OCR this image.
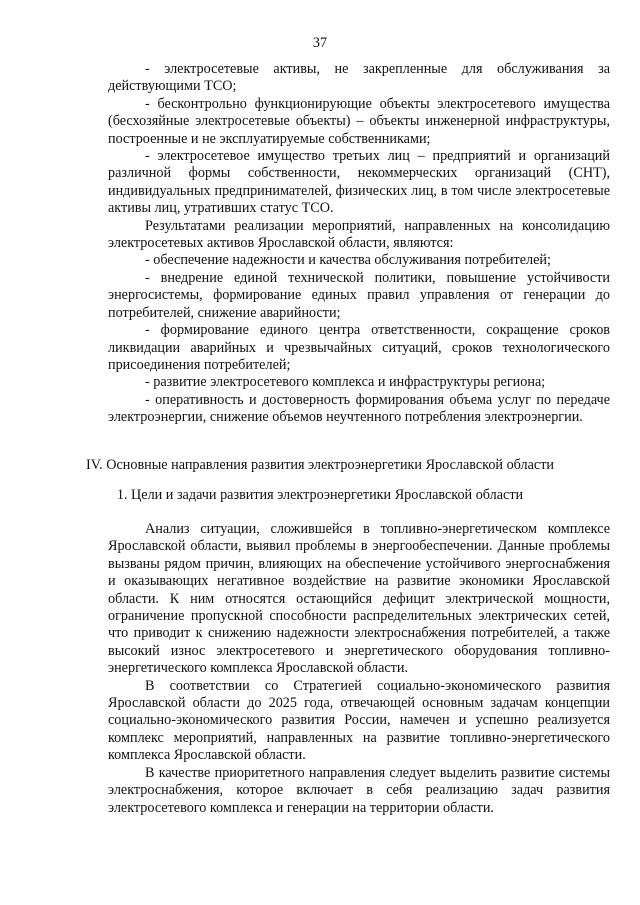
37

- электросетевые активы, не закрепленные для обслуживания за действующими ТСО;

- бесконтрольно функционирующие объекты электросетевого имущества (бесхозяйные электросетевые объекты) – объекты инженерной инфраструктуры, построенные и не эксплуатируемые собственниками;

- электросетевое имущество третьих лиц – предприятий и организаций различной формы собственности, некоммерческих организаций (СНТ), индивидуальных предпринимателей, физических лиц, в том числе электросетевые активы лиц, утративших статус ТСО.

Результатами реализации мероприятий, направленных на консолидацию электросетевых активов Ярославской области, являются:

- обеспечение надежности и качества обслуживания потребителей;

- внедрение единой технической политики, повышение устойчивости энергосистемы, формирование единых правил управления от генерации до потребителей, снижение аварийности;

- формирование единого центра ответственности, сокращение сроков ликвидации аварийных и чрезвычайных ситуаций, сроков технологического присоединения потребителей;

- развитие электросетевого комплекса и инфраструктуры региона;

- оперативность и достоверность формирования объема услуг по передаче электроэнергии, снижение объемов неучтенного потребления электроэнергии.

IV. Основные направления развития электроэнергетики Ярославской области
1. Цели и задачи развития электроэнергетики Ярославской области

Анализ ситуации, сложившейся в топливно-энергетическом комплексе Ярославской области, выявил проблемы в энергообеспечении. Данные проблемы вызваны рядом причин, влияющих на обеспечение устойчивого энергоснабжения и оказывающих негативное воздействие на развитие экономики Ярославской области. К ним относятся остающийся дефицит электрической мощности, ограничение пропускной способности распределительных электрических сетей, что приводит к снижению надежности электроснабжения потребителей, а также высокий износ электросетевого и энергетического оборудования топливно-энергетического комплекса Ярославской области.

В соответствии со Стратегией социально-экономического развития Ярославской области до 2025 года, отвечающей основным задачам концепции социально-экономического развития России, намечен и успешно реализуется комплекс мероприятий, направленных на развитие топливно-энергетического комплекса Ярославской области.

В качестве приоритетного направления следует выделить развитие системы электроснабжения, которое включает в себя реализацию задач развития электросетевого комплекса и генерации на территории области.
